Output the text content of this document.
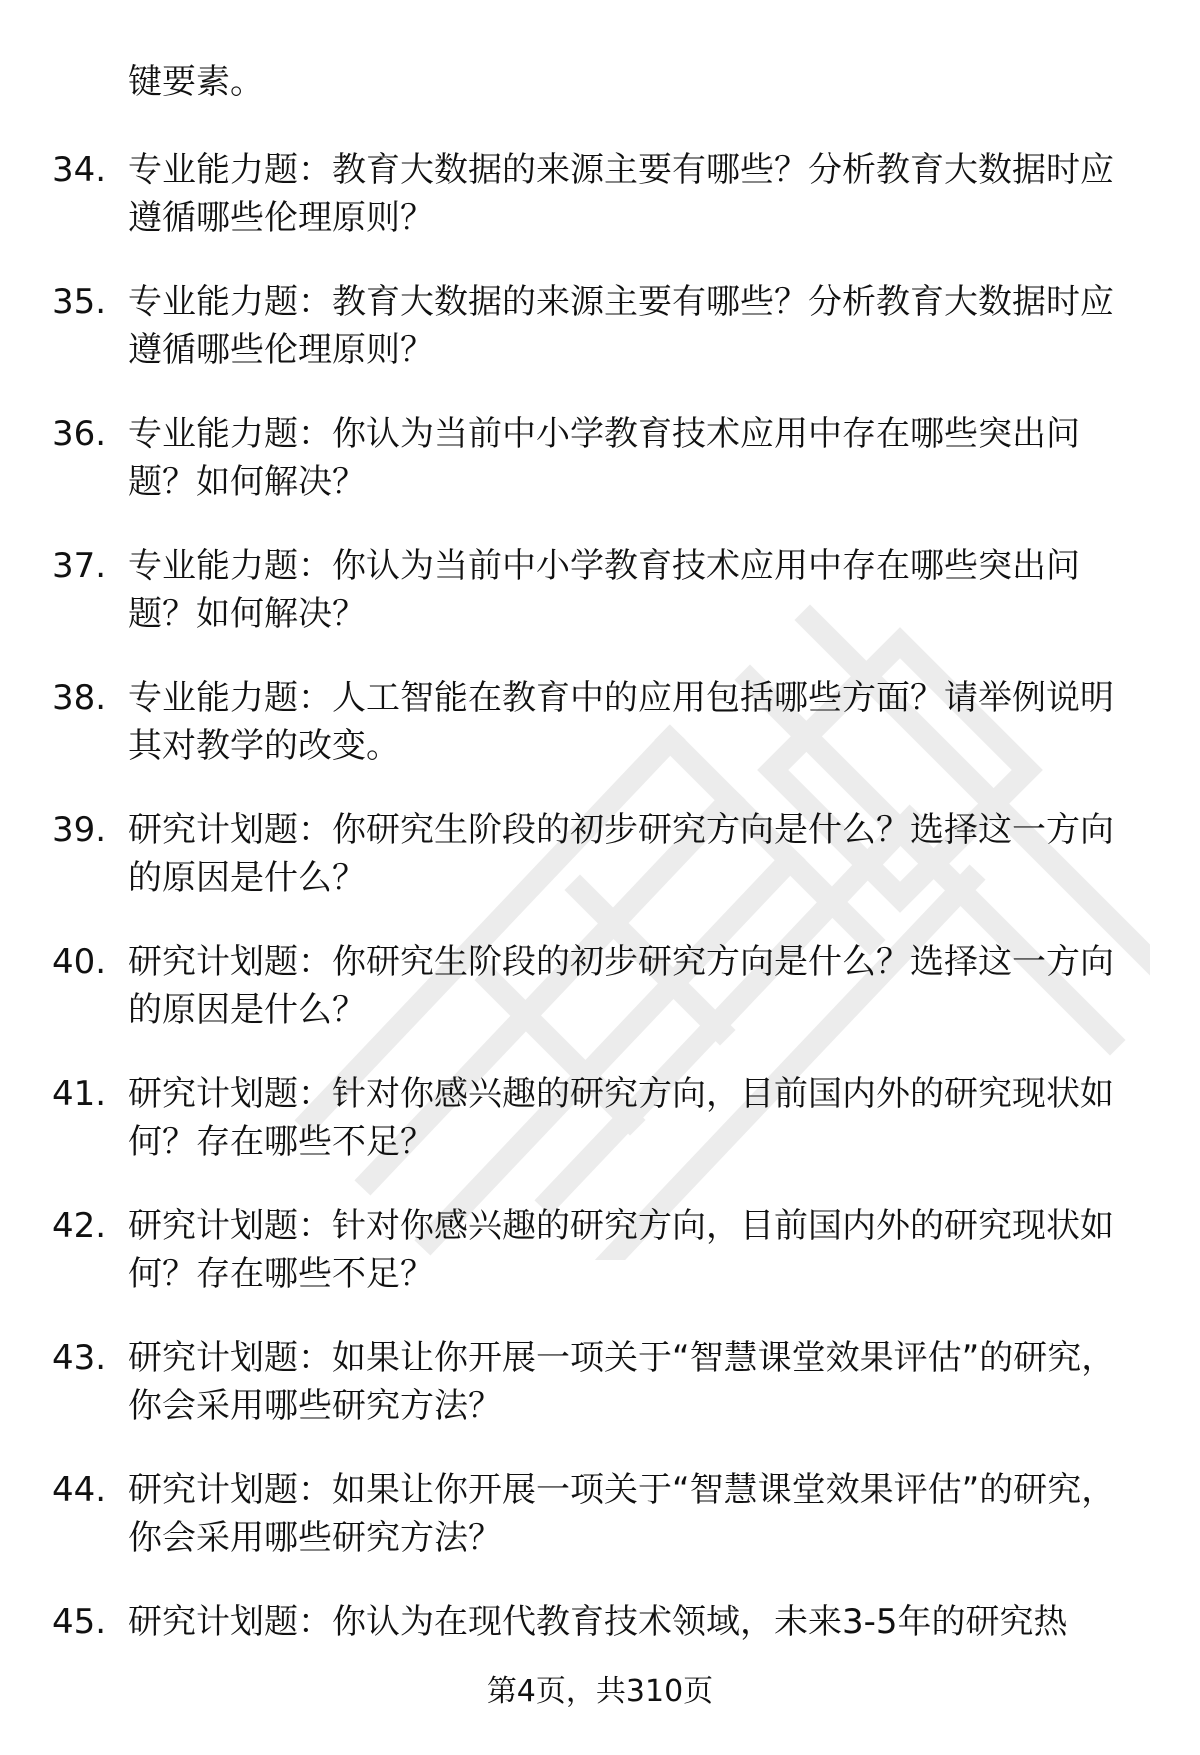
键要素。
34. 专业能力题：教育大数据的来源主要有哪些？分析教育大数据时应遵循哪些伦理原则？
35. 专业能力题：教育大数据的来源主要有哪些？分析教育大数据时应遵循哪些伦理原则？
36. 专业能力题：你认为当前中小学教育技术应用中存在哪些突出问题？如何解决？
37. 专业能力题：你认为当前中小学教育技术应用中存在哪些突出问题？如何解决？
38. 专业能力题：人工智能在教育中的应用包括哪些方面？请举例说明其对教学的改变。
39. 研究计划题：你研究生阶段的初步研究方向是什么？选择这一方向的原因是什么？
40. 研究计划题：你研究生阶段的初步研究方向是什么？选择这一方向的原因是什么？
41. 研究计划题：针对你感兴趣的研究方向，目前国内外的研究现状如何？存在哪些不足？
42. 研究计划题：针对你感兴趣的研究方向，目前国内外的研究现状如何？存在哪些不足？
43. 研究计划题：如果让你开展一项关于“智慧课堂效果评估”的研究，你会采用哪些研究方法？
44. 研究计划题：如果让你开展一项关于“智慧课堂效果评估”的研究，你会采用哪些研究方法？
45. 研究计划题：你认为在现代教育技术领域，未来3-5年的研究热
第4页，共310页
